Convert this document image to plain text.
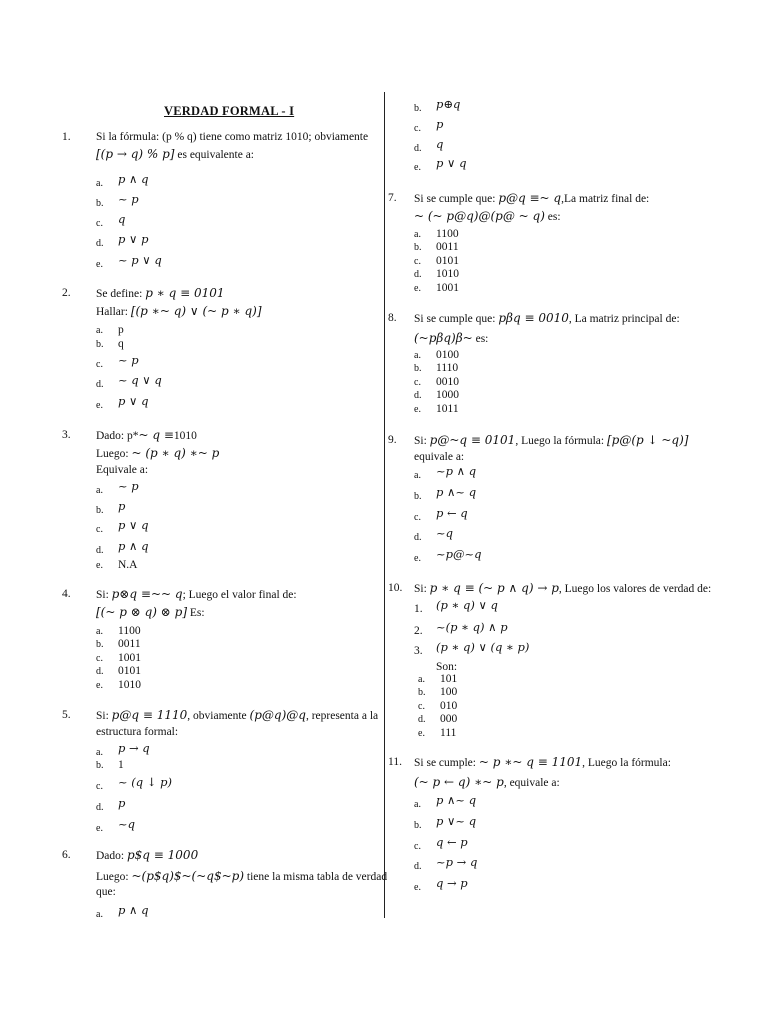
VERDAD FORMAL - I
1.	Si la fórmula: (p % q) tiene como matriz 1010; obviamente
[(p → q) % p] es equivalente a:
a. p ∧ q
b. ~ p
c. q
d. p ∨ p
e. ~ p ∨ q
2.	Se define: p ∗ q ≡ 0101
Hallar: [(p ∗~ q) ∨ (~ p ∗ q)]
a. p
b. q
c. ~ p
d. ~ q ∨ q
e. p ∨ q
3.	Dado: p*~ q ≡1010
Luego: ~ (p ∗ q) ∗~ p
Equivale a:
a. ~ p
b. p
c. p ∨ q
d. p ∧ q
e. N.A
4.	Si: p⊗q ≡~~ q; Luego el valor final de:
[(~ p ⊗ q) ⊗ p] Es:
a. 1100
b. 0011
c. 1001
d. 0101
e. 1010
5.	Si: p@q ≡ 1110, obviamente (p@q)@q, representa a la
estructura formal:
a. p → q
b. 1
c. ~ (q ↓ p)
d. p
e. ~q
6.	Dado: p$q ≡ 1000
Luego: ~(p$q)$~(~q$~p) tiene la misma tabla de verdad
que:
a. p ∧ q
b. p⊕q
c. p
d. q
e. p ∨ q
7.	Si se cumple que: p@q ≡~ q,La matriz final de:
~ (~ p@q)@(p@ ~ q) es:
a. 1100
b. 0011
c. 0101
d. 1010
e. 1001
8.	Si se cumple que: pβq ≡ 0010, La matriz principal de:
(~pβq)β~ es:
a. 0100
b. 1110
c. 0010
d. 1000
e. 1011
9.	Si: p@~q ≡ 0101, Luego la fórmula: [p@(p ↓ ~q)]
equivale a:
a. ~p ∧ q
b. p ∧~ q
c. p ← q
d. ~q
e. ~p@~q
10.	Si: p ∗ q ≡ (~ p ∧ q) → p, Luego los valores de verdad de:
1. (p ∗ q) ∨ q
2. ~(p ∗ q) ∧ p
3. (p ∗ q) ∨ (q ∗ p)
Son:
a. 101
b. 100
c. 010
d. 000
e. 111
11.	Si se cumple: ~ p ∗~ q ≡ 1101, Luego la fórmula:
(~ p ← q) ∗~ p, equivale a:
a. p ∧~ q
b. p ∨~ q
c. q ← p
d. ~p → q
e. q → p
